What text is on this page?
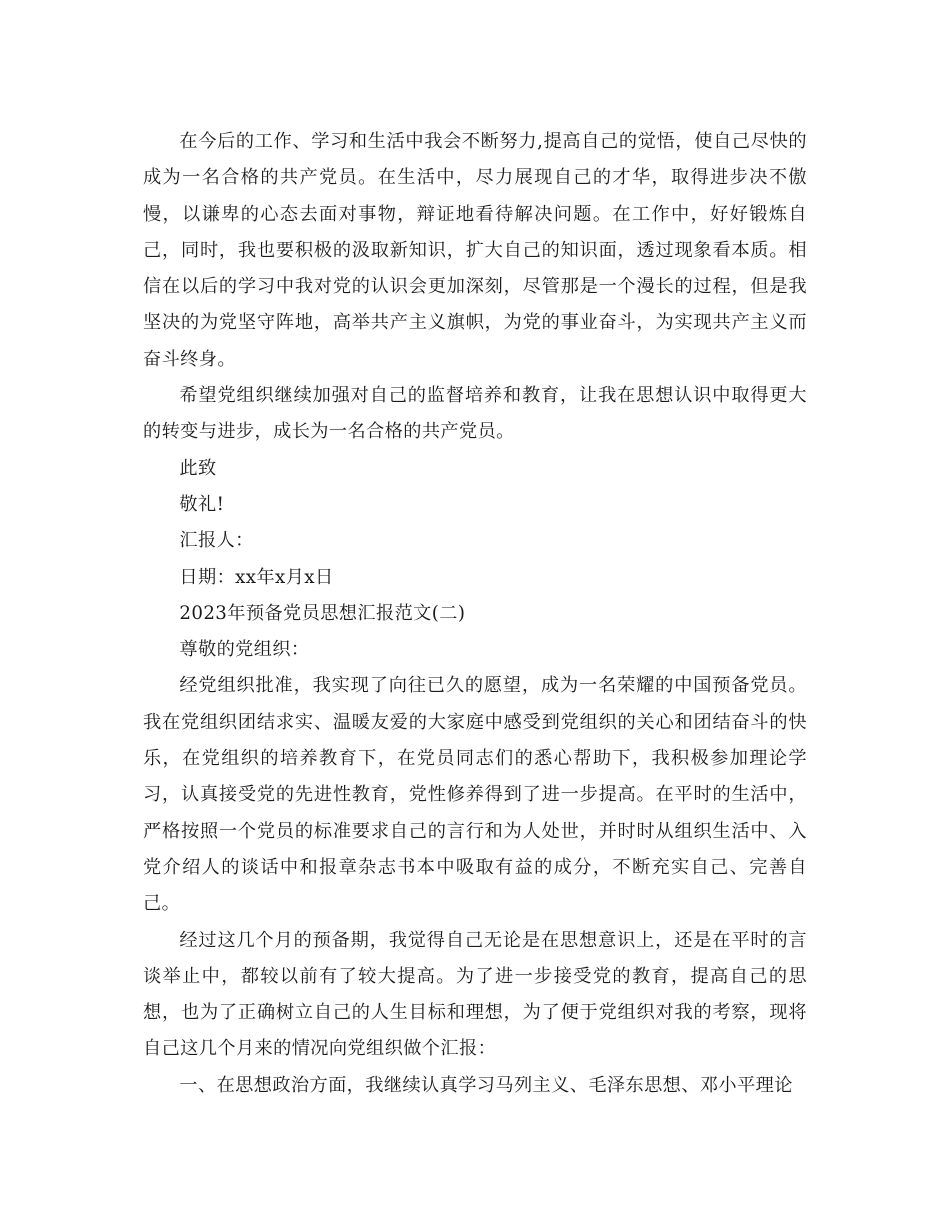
在今后的工作、学习和生活中我会不断努力,提高自己的觉悟，使自己尽快的成为一名合格的共产党员。在生活中，尽力展现自己的才华，取得进步决不傲慢，以谦卑的心态去面对事物，辩证地看待解决问题。在工作中，好好锻炼自己，同时，我也要积极的汲取新知识，扩大自己的知识面，透过现象看本质。相信在以后的学习中我对党的认识会更加深刻，尽管那是一个漫长的过程，但是我坚决的为党坚守阵地，高举共产主义旗帜，为党的事业奋斗，为实现共产主义而奋斗终身。

希望党组织继续加强对自己的监督培养和教育，让我在思想认识中取得更大的转变与进步，成长为一名合格的共产党员。

此致

敬礼!

汇报人：

日期：xx年x月x日

2023年预备党员思想汇报范文(二)

尊敬的党组织：

经党组织批准，我实现了向往已久的愿望，成为一名荣耀的中国预备党员。我在党组织团结求实、温暖友爱的大家庭中感受到党组织的关心和团结奋斗的快乐，在党组织的培养教育下，在党员同志们的悉心帮助下，我积极参加理论学习，认真接受党的先进性教育，党性修养得到了进一步提高。在平时的生活中，严格按照一个党员的标准要求自己的言行和为人处世，并时时从组织生活中、入党介绍人的谈话中和报章杂志书本中吸取有益的成分，不断充实自己、完善自己。

经过这几个月的预备期，我觉得自己无论是在思想意识上，还是在平时的言谈举止中，都较以前有了较大提高。为了进一步接受党的教育，提高自己的思想，也为了正确树立自己的人生目标和理想，为了便于党组织对我的考察，现将自己这几个月来的情况向党组织做个汇报：

一、在思想政治方面，我继续认真学习马列主义、毛泽东思想、邓小平理论
